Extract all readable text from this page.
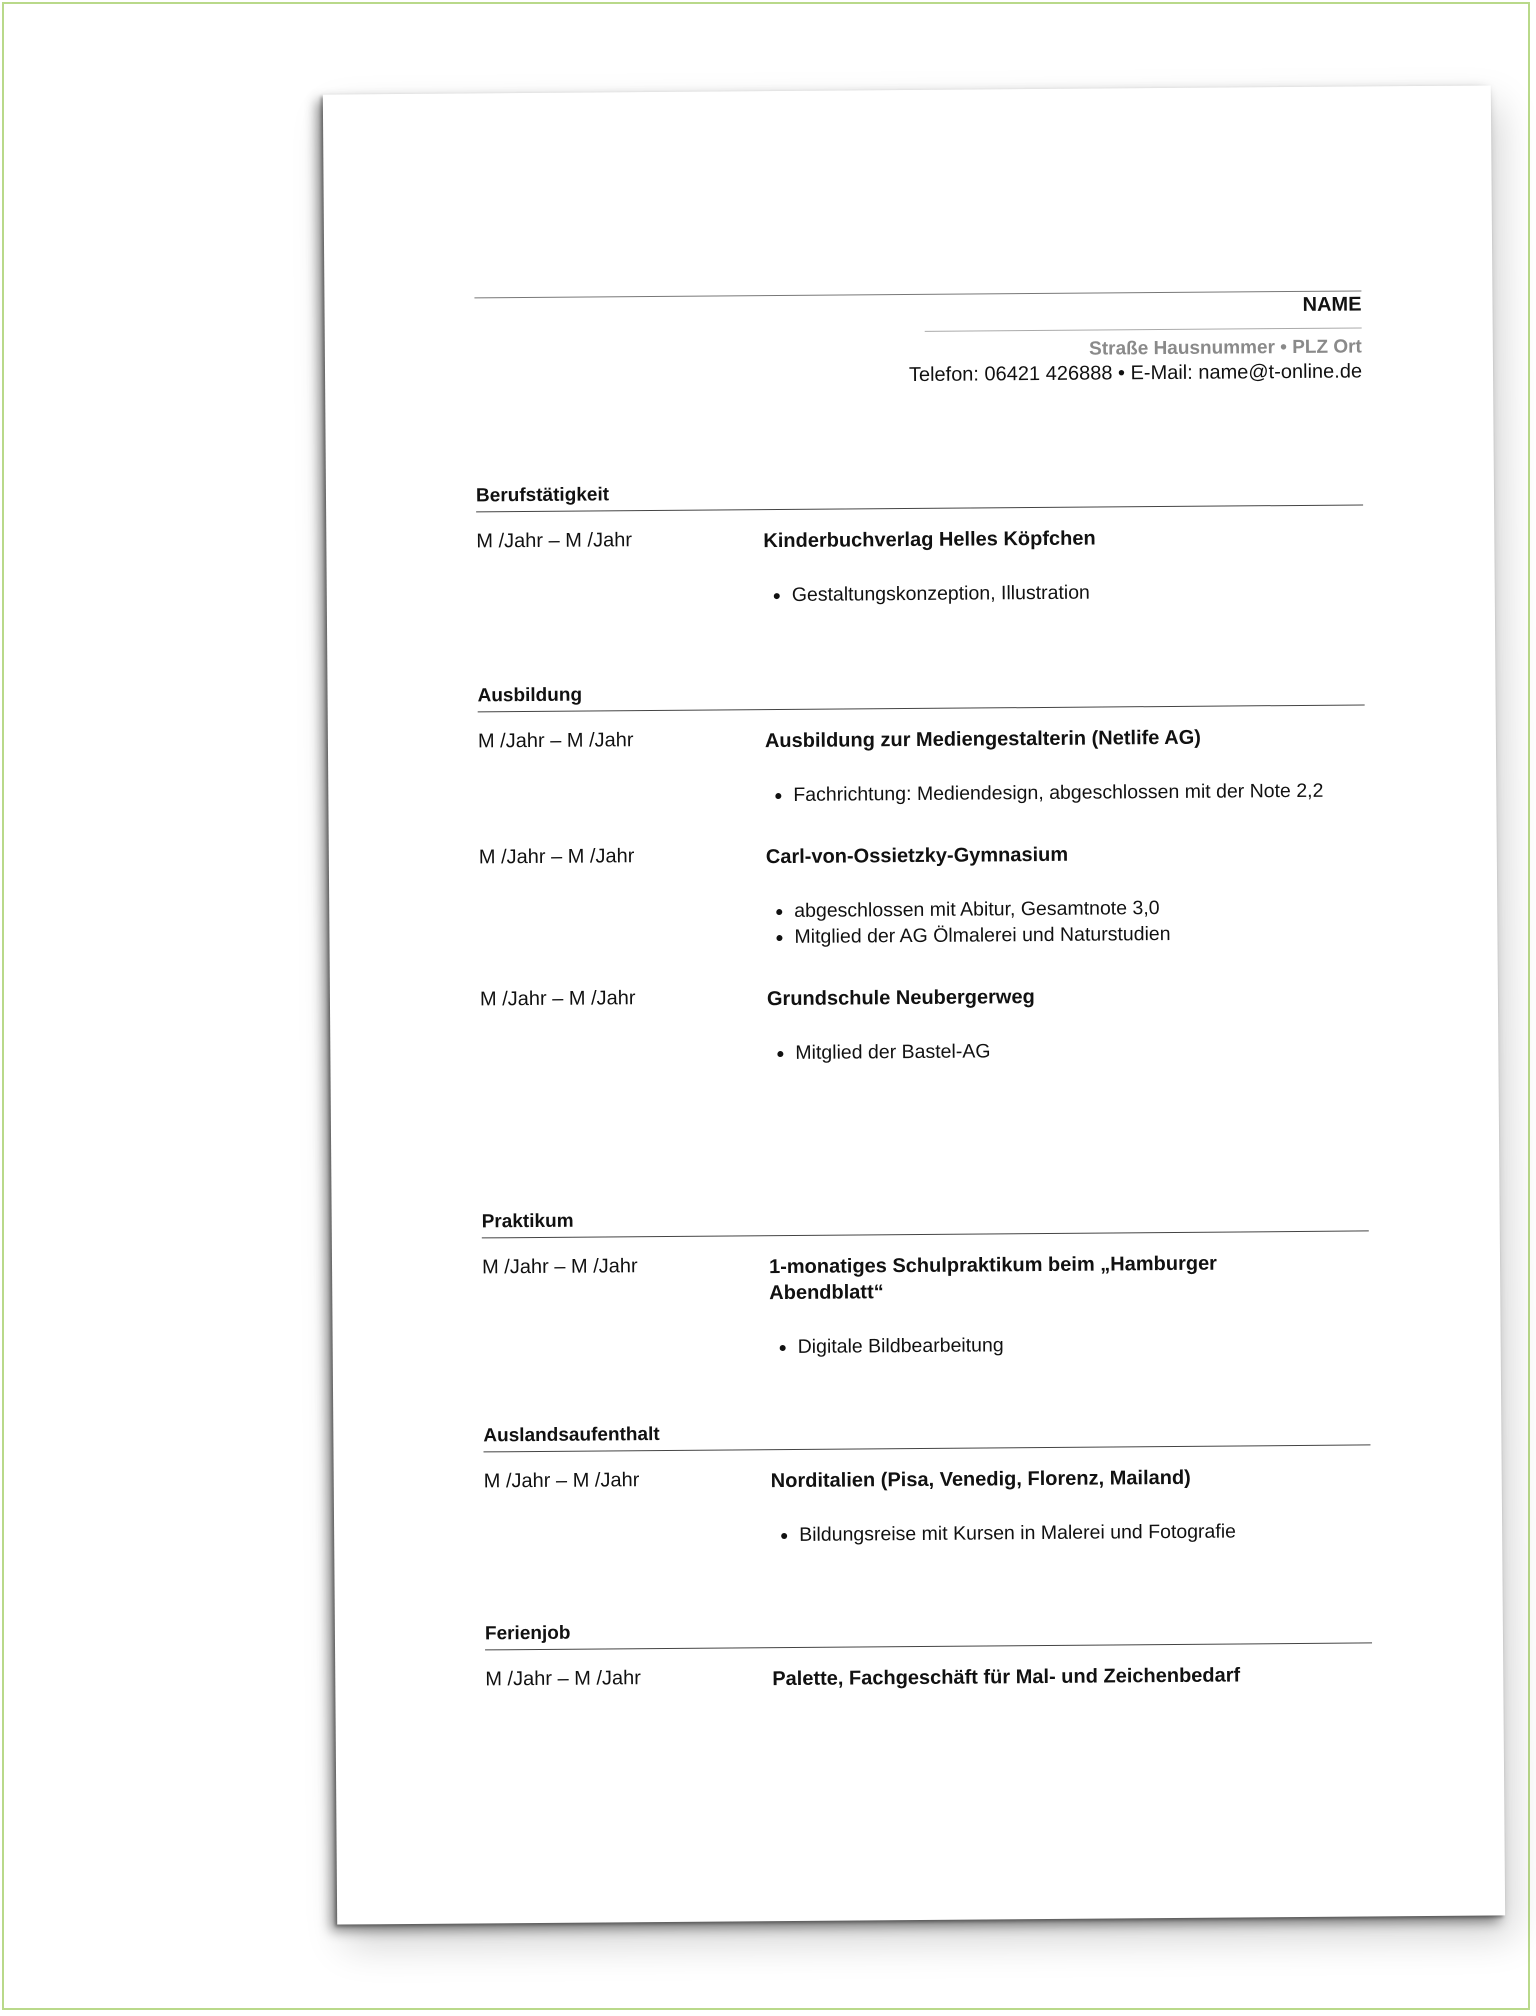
NAME
Straße Hausnummer • PLZ Ort
Telefon: 06421 426888 • E-Mail: name@t-online.de
Berufstätigkeit
M /Jahr – M /Jahr	Kinderbuchverlag Helles Köpfchen
• Gestaltungskonzeption, Illustration
Ausbildung
M /Jahr – M /Jahr	Ausbildung zur Mediengestalterin (Netlife AG)
• Fachrichtung: Mediendesign, abgeschlossen mit der Note 2,2
M /Jahr – M /Jahr	Carl-von-Ossietzky-Gymnasium
• abgeschlossen mit Abitur, Gesamtnote 3,0
• Mitglied der AG Ölmalerei und Naturstudien
M /Jahr – M /Jahr	Grundschule Neubergerweg
• Mitglied der Bastel-AG
Praktikum
M /Jahr – M /Jahr	1-monatiges Schulpraktikum beim „Hamburger Abendblatt“
• Digitale Bildbearbeitung
Auslandsaufenthalt
M /Jahr – M /Jahr	Norditalien (Pisa, Venedig, Florenz, Mailand)
• Bildungsreise mit Kursen in Malerei und Fotografie
Ferienjob
M /Jahr – M /Jahr	Palette, Fachgeschäft für Mal- und Zeichenbedarf
